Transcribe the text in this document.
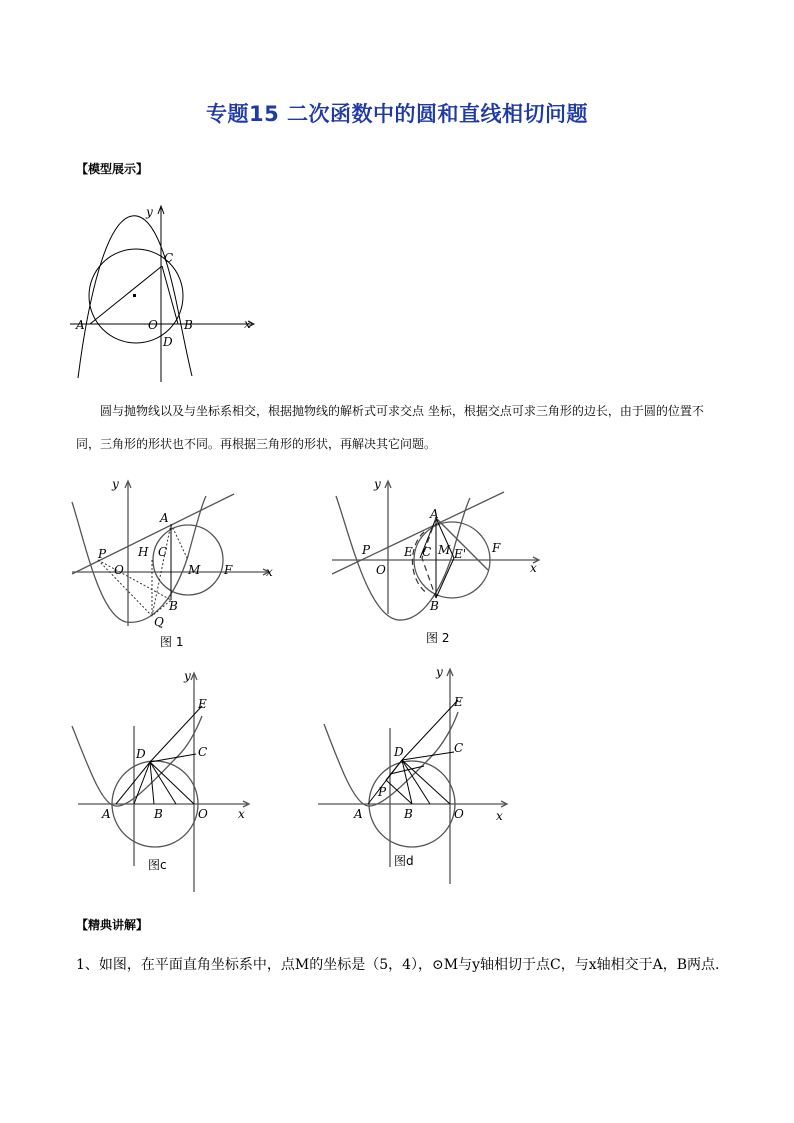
专题15 二次函数中的圆和直线相切问题
【模型展示】
y
x
C
A	O B
D
圆与抛物线以及与坐标系相交，根据抛物线的解析式可求交点 坐标，根据交点可求三角形的边长，由于圆的位置不同，三角形的形状也不同。再根据三角形的形状，再解决其它问题。
y
x
A
P	H C
O	M F
B
Q
图 1
y
x
A
P	E C M E' F
O
B
图 2
y
x
E
D	C
A	B	O
图c
y
x
E
D	C
P
A	B	O
图d
【精典讲解】
1、如图，在平面直角坐标系中，点M的坐标是（5，4），⊙M与y轴相切于点C，与x轴相交于A，B两点.
